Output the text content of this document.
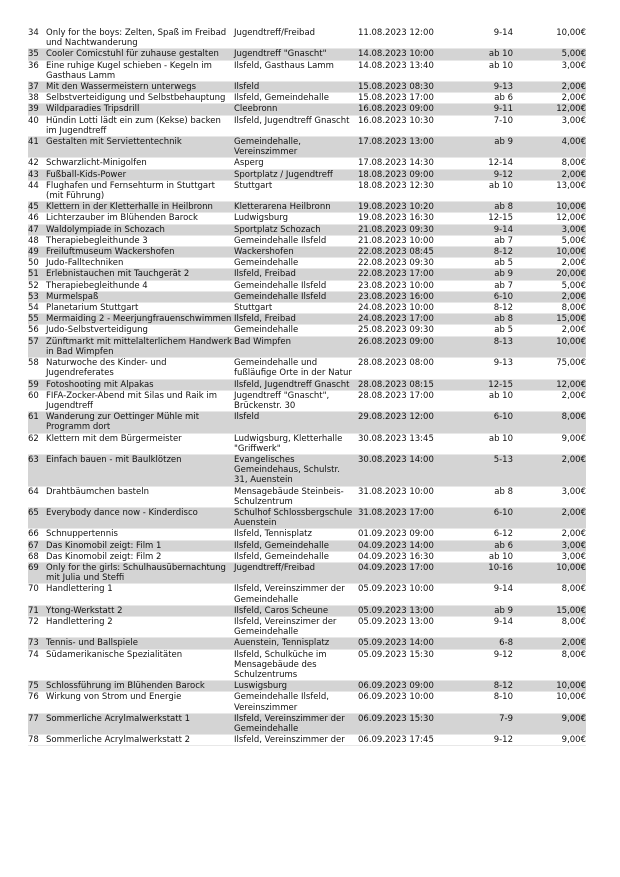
34	Only for the boys: Zelten, Spaß im Freibad und Nachtwanderung	Jugendtreff/Freibad	11.08.2023 12:00	9-14	10,00€
35	Cooler Comicstuhl für zuhause gestalten	Jugendtreff "Gnascht"	14.08.2023 10:00	ab 10	5,00€
36	Eine ruhige Kugel schieben - Kegeln im Gasthaus Lamm	Ilsfeld, Gasthaus Lamm	14.08.2023 13:40	ab 10	3,00€
37	Mit den Wassermeistern unterwegs	Ilsfeld	15.08.2023 08:30	9-13	2,00€
38	Selbstverteidigung und Selbstbehauptung	Ilsfeld, Gemeindehalle	15.08.2023 17:00	ab 6	2,00€
39	Wildparadies Tripsdrill	Cleebronn	16.08.2023 09:00	9-11	12,00€
40	Hündin Lotti lädt ein zum (Kekse) backen im Jugendtreff	Ilsfeld, Jugendtreff Gnascht	16.08.2023 10:30	7-10	3,00€
41	Gestalten mit Serviettentechnik	Gemeindehalle, Vereinszimmer	17.08.2023 13:00	ab 9	4,00€
42	Schwarzlicht-Minigolfen	Asperg	17.08.2023 14:30	12-14	8,00€
43	Fußball-Kids-Power	Sportplatz / Jugendtreff	18.08.2023 09:00	9-12	2,00€
44	Flughafen und Fernsehturm in Stuttgart (mit Führung)	Stuttgart	18.08.2023 12:30	ab 10	13,00€
45	Klettern in der Kletterhalle in Heilbronn	Kletterarena Heilbronn	19.08.2023 10:20	ab 8	10,00€
46	Lichterzauber im Blühenden Barock	Ludwigsburg	19.08.2023 16:30	12-15	12,00€
47	Waldolympiade in Schozach	Sportplatz Schozach	21.08.2023 09:30	9-14	3,00€
48	Therapiebegleithunde 3	Gemeindehalle Ilsfeld	21.08.2023 10:00	ab 7	5,00€
49	Freiluftmuseum Wackershofen	Wackershofen	22.08.2023 08:45	8-12	10,00€
50	Judo-Falltechniken	Gemeindehalle	22.08.2023 09:30	ab 5	2,00€
51	Erlebnistauchen mit Tauchgerät 2	Ilsfeld, Freibad	22.08.2023 17:00	ab 9	20,00€
52	Therapiebegleithunde 4	Gemeindehalle Ilsfeld	23.08.2023 10:00	ab 7	5,00€
53	Murmelspaß	Gemeindehalle Ilsfeld	23.08.2023 16:00	6-10	2,00€
54	Planetarium Stuttgart	Stuttgart	24.08.2023 10:00	8-12	8,00€
55	Mermaiding 2 - Meerjungfrauenschwimmen	Ilsfeld, Freibad	24.08.2023 17:00	ab 8	15,00€
56	Judo-Selbstverteidigung	Gemeindehalle	25.08.2023 09:30	ab 5	2,00€
57	Zünftmarkt mit mittelalterlichem Handwerk in Bad Wimpfen	Bad Wimpfen	26.08.2023 09:00	8-13	10,00€
58	Naturwoche des Kinder- und Jugendreferates	Gemeindehalle und fußläufige Orte in der Natur	28.08.2023 08:00	9-13	75,00€
59	Fotoshooting mit Alpakas	Ilsfeld, Jugendtreff Gnascht	28.08.2023 08:15	12-15	12,00€
60	FIFA-Zocker-Abend mit Silas und Raik im Jugendtreff	Jugendtreff "Gnascht", Brückenstr. 30	28.08.2023 17:00	ab 10	2,00€
61	Wanderung zur Oettinger Mühle mit Programm dort	Ilsfeld	29.08.2023 12:00	6-10	8,00€
62	Klettern mit dem Bürgermeister	Ludwigsburg, Kletterhalle "Griffwerk"	30.08.2023 13:45	ab 10	9,00€
63	Einfach bauen - mit Baulklötzen	Evangelisches Gemeindehaus, Schulstr. 31, Auenstein	30.08.2023 14:00	5-13	2,00€
64	Drahtbäumchen basteln	Mensagebäude Steinbeis-Schulzentrum	31.08.2023 10:00	ab 8	3,00€
65	Everybody dance now - Kinderdisco	Schulhof Schlossbergschule Auenstein	31.08.2023 17:00	6-10	2,00€
66	Schnuppertennis	Ilsfeld, Tennisplatz	01.09.2023 09:00	6-12	2,00€
67	Das Kinomobil zeigt: Film 1	Ilsfeld, Gemeindehalle	04.09.2023 14:00	ab 6	3,00€
68	Das Kinomobil zeigt: Film 2	Ilsfeld, Gemeindehalle	04.09.2023 16:30	ab 10	3,00€
69	Only for the girls: Schulhausübernachtung mit Julia und Steffi	Jugendtreff/Freibad	04.09.2023 17:00	10-16	10,00€
70	Handlettering 1	Ilsfeld, Vereinszimmer der Gemeindehalle	05.09.2023 10:00	9-14	8,00€
71	Ytong-Werkstatt 2	Ilsfeld, Caros Scheune	05.09.2023 13:00	ab 9	15,00€
72	Handlettering 2	Ilsfeld, Vereinszimer der Gemeindehalle	05.09.2023 13:00	9-14	8,00€
73	Tennis- und Ballspiele	Auenstein, Tennisplatz	05.09.2023 14:00	6-8	2,00€
74	Südamerikanische Spezialitäten	Ilsfeld, Schulküche im Mensagebäude des Schulzentrums	05.09.2023 15:30	9-12	8,00€
75	Schlossführung im Blühenden Barock	Luswigsburg	06.09.2023 09:00	8-12	10,00€
76	Wirkung von Strom und Energie	Gemeindehalle Ilsfeld, Vereinszimmer	06.09.2023 10:00	8-10	10,00€
77	Sommerliche Acrylmalwerkstatt 1	Ilsfeld, Vereinszimmer der Gemeindehalle	06.09.2023 15:30	7-9	9,00€
78	Sommerliche Acrylmalwerkstatt 2	Ilsfeld, Vereinszimmer der	06.09.2023 17:45	9-12	9,00€
